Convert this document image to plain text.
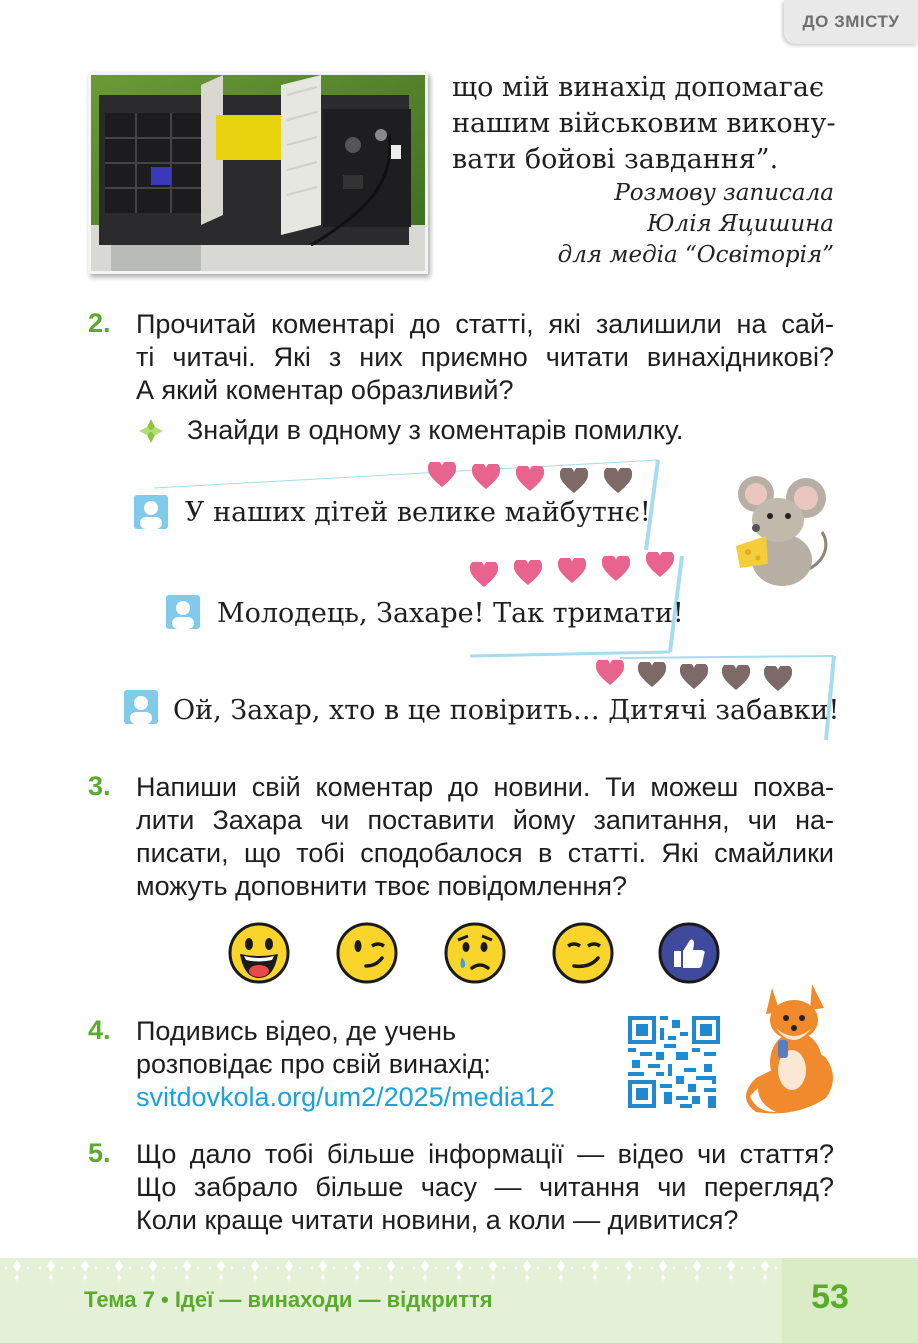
ДО ЗМІСТУ
що мій винахід допомагає
нашим військовим викону-
вати бойові завдання”.
Розмову записала
Юлія Яцишина
для медіа “Освіторія”
2. Прочитай коментарі до статті, які залишили на сай-
ті читачі. Які з них приємно читати винахідникові?
А який коментар образливий?
Знайди в одному з коментарів помилку.
У наших дітей велике майбутнє!
Молодець, Захаре! Так тримати!
Ой, Захар, хто в це повірить… Дитячі забавки!
3. Напиши свій коментар до новини. Ти можеш похва-
лити Захара чи поставити йому запитання, чи на-
писати, що тобі сподобалося в статті. Які смайлики
можуть доповнити твоє повідомлення?
4. Подивись відео, де учень
розповідає про свій винахід:
svitdovkola.org/um2/2025/media12
5. Що дало тобі більше інформації — відео чи стаття?
Що забрало більше часу — читання чи перегляд?
Коли краще читати новини, а коли — дивитися?
Тема 7 • Ідеї — винаходи — відкриття	53
